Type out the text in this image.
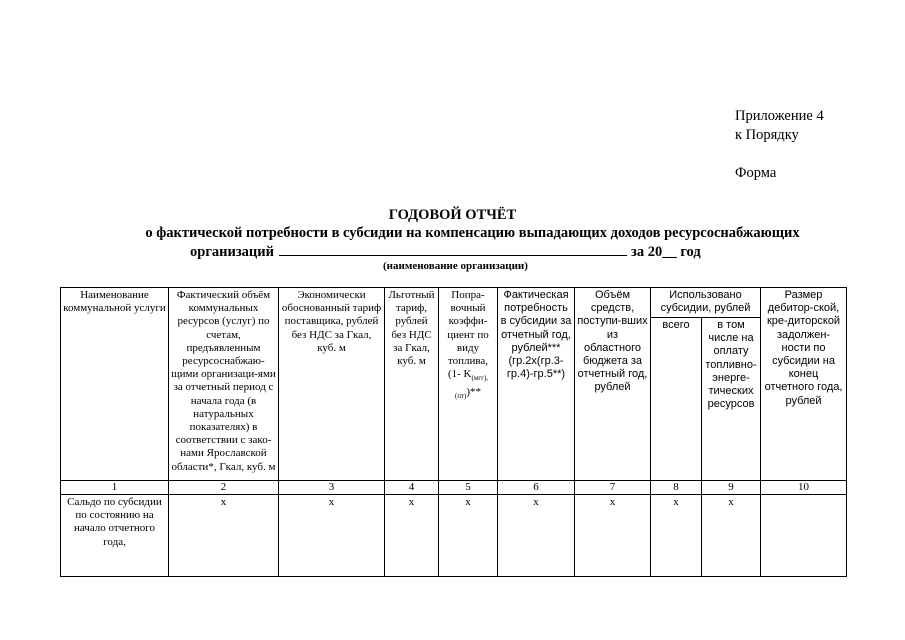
Приложение 4
к Порядку
Форма
ГОДОВОЙ ОТЧЁТ
о фактической потребности в субсидии на компенсацию выпадающих доходов ресурсоснабжающих
организаций	за 20__ год
(наименование организации)
Наименование коммунальной услуги	Фактический объём коммунальных ресурсов (услуг) по счетам, предъявленным ресурсоснабжаю-щими организаци-ями за отчетный период с начала года (в натуральных показателях) в соответствии с зако-нами Ярославской области*, Гкал, куб. м	Экономически обоснованный тариф поставщика, рублей без НДС за Гкал, куб. м	Льготный тариф, рублей без НДС за Гкал, куб. м	Попра-вочный коэффи-циент по виду топлива, (1- $K_{(мгг), (пт)})**$	Фактическая потребность в субсидии за отчетный год, рублей*** (гр.2х(гр.3-гр.4)-гр.5**)	Объём средств, поступи-вших из областного бюджета за отчетный год, рублей	Использовано субсидии, рублей		Размер дебитор-ской, кре-диторской задолжен-ности по субсидии на конец отчетного года, рублей
							всего	в том числе на оплату топливно-энерге-тических ресурсов	
1	2	3	4	5	6	7	8	9	10
Сальдо по субсидии по состоянию на начало отчетного года,	x	x	x	x	x	x	x	x	
